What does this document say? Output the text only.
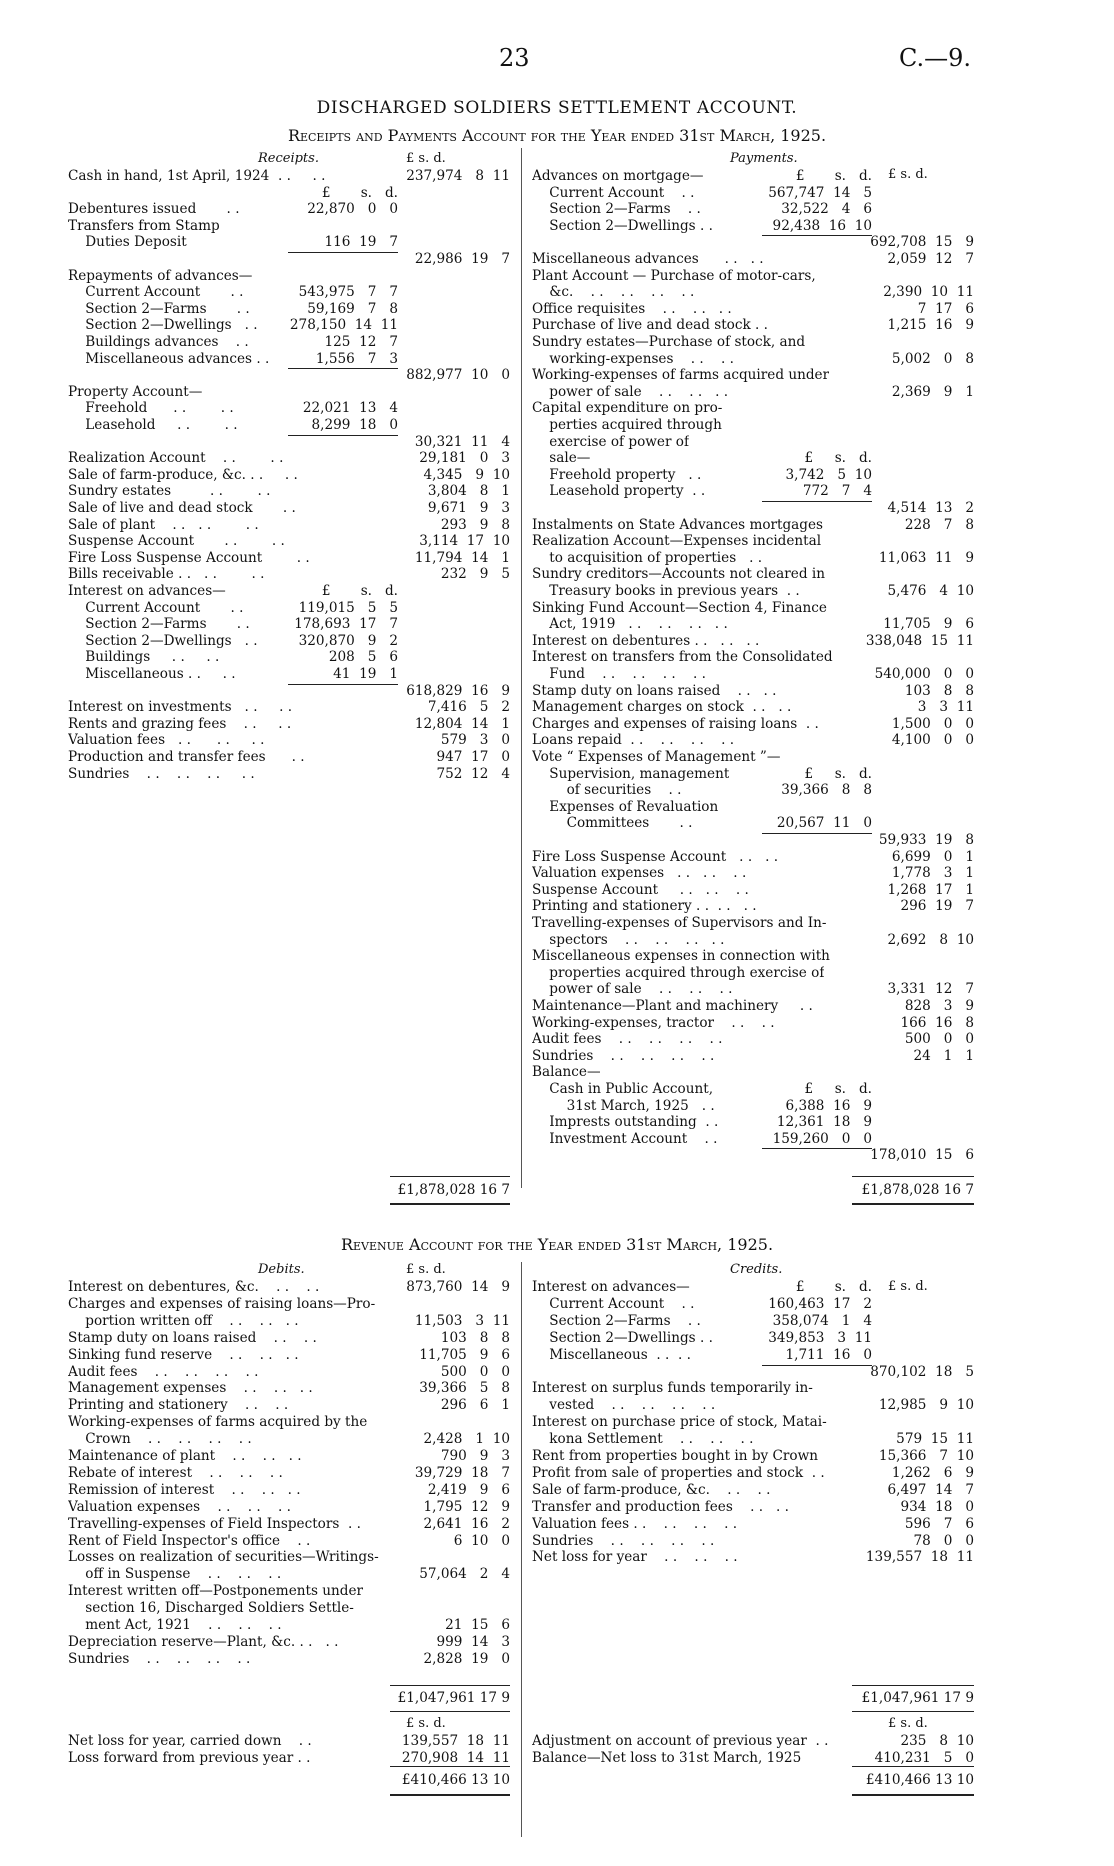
23	C.—9.
DISCHARGED SOLDIERS SETTLEMENT ACCOUNT.
Receipts and Payments Account for the Year ended 31st March, 1925.
Receipts.	£ s. d.	Payments.
£ s. d.
Cash in hand, 1st April, 1924  . .     . .	237,974   8  11
£       s.   d.
Debentures issued       . .	22,870   0   0
Transfers from Stamp
Duties Deposit	116  19   7
22,986  19   7
Repayments of advances—
Current Account       . .	543,975   7   7
Section 2—Farms       . .	59,169   7   8
Section 2—Dwellings   . . 278,150  14  11
Buildings advances    . .	125  12   7
Miscellaneous advances . .	1,556   7   3
882,977  10   0
Property Account—
Freehold      . .        . .	22,021  13   4
Leasehold     . .        . .	8,299  18   0
30,321  11   4
Realization Account    . .        . .	29,181   0   3
Sale of farm-produce, &c. . .     . .	4,345   9  10
Sundry estates         . .        . .	3,804   8   1
Sale of live and dead stock       . .	9,671   9   3
Sale of plant    . .   . .        . .	293   9   8
Suspense Account       . .        . .	3,114  17  10
Fire Loss Suspense Account        . .	11,794  14   1
Bills receivable . .   . .        . .	232   9   5
Interest on advances—	£       s.   d.
Current Account       . .	119,015   5   5
Section 2—Farms       . .	178,693  17   7
Section 2—Dwellings   . .	320,870   9   2
Buildings     . .     . .	208   5   6
Miscellaneous . .     . .	41  19   1
618,829  16   9
Interest on investments   . .     . .	7,416   5   2
Rents and grazing fees    . .     . .	12,804  14   1
Valuation fees   . .      . .     . .	579   3   0
Production and transfer fees      . .	947  17   0
Sundries    . .    . .    . .     . .	752  12   4
Advances on mortgage—	£       s.   d.
Current Account    . .	567,747  14   5
Section 2—Farms    . .	32,522   4   6
Section 2—Dwellings . .	92,438  16  10
692,708  15   9
Miscellaneous advances      . .   . .	2,059  12   7
Plant Account — Purchase of motor-cars,
&c.    . .    . .    . .    . .	2,390  10  11
Office requisites    . .    . .   . .	7  17   6
Purchase of live and dead stock . .	1,215  16   9
Sundry estates—Purchase of stock, and
working-expenses    . .    . .	5,002   0   8
Working-expenses of farms acquired under
power of sale    . .    . .   . .	2,369   9   1
Capital expenditure on pro-
perties acquired through
exercise of power of
sale—	£     s.   d.
Freehold property   . .	3,742   5  10
Leasehold property  . .	772   7   4
4,514  13   2
Instalments on State Advances mortgages	228   7   8
Realization Account—Expenses incidental
to acquisition of properties   . .	11,063  11   9
Sundry creditors—Accounts not cleared in
Treasury books in previous years  . .	5,476   4  10
Sinking Fund Account—Section 4, Finance
Act, 1919   . .    . .    . .   . .	11,705   9   6
Interest on debentures . .   . .   . .	338,048  15  11
Interest on transfers from the Consolidated
Fund    . .    . .    . .    . .	540,000   0   0
Stamp duty on loans raised    . .   . .	103   8   8
Management charges on stock  . .   . .	3   3  11
Charges and expenses of raising loans  . .	1,500   0   0
Loans repaid  . .    . .    . .    . .	4,100   0   0
Vote “ Expenses of Management ”—
Supervision, management	£     s.   d.
of securities    . .	39,366   8   8
Expenses of Revaluation
Committees       . .	20,567  11   0
59,933  19   8
Fire Loss Suspense Account   . .   . .	6,699   0   1
Valuation expenses   . .   . .    . .	1,778   3   1
Suspense Account     . .   . .    . .	1,268  17   1
Printing and stationery . .  . .   . .	296  19   7
Travelling-expenses of Supervisors and In-
spectors    . .    . .    . .   . .	2,692   8  10
Miscellaneous expenses in connection with
properties acquired through exercise of
power of sale    . .    . .    . .	3,331  12   7
Maintenance—Plant and machinery     . .	828   3   9
Working-expenses, tractor    . .    . .	166  16   8
Audit fees    . .    . .    . .    . .	500   0   0
Sundries    . .    . .    . .    . .	24   1   1
Balance—
Cash in Public Account,	£     s.   d.
31st March, 1925   . .	6,388  16   9
Imprests outstanding  . .	12,361  18   9
Investment Account    . .	159,260   0   0
178,010  15   6
£1,878,028 16 7	£1,878,028 16 7
Revenue Account for the Year ended 31st March, 1925.
Debits.	£ s. d.	Credits.
£ s. d.
Interest on debentures, &c.    . .    . .	873,760  14   9
Charges and expenses of raising loans—Pro-
portion written off    . .    . .   . .	11,503   3  11
Stamp duty on loans raised    . .    . .	103   8   8
Sinking fund reserve    . .    . .   . .	11,705   9   6
Audit fees    . .    . .    . .    . .	500   0   0
Management expenses    . .    . .   . .	39,366   5   8
Printing and stationery    . .    . .	296   6   1
Working-expenses of farms acquired by the
Crown    . .    . .    . .    . .	2,428   1  10
Maintenance of plant    . .    . .   . .	790   9   3
Rebate of interest    . .    . .    . .	39,729  18   7
Remission of interest    . .    . .   . .	2,419   9   6
Valuation expenses    . .    . .    . .	1,795  12   9
Travelling-expenses of Field Inspectors  . .	2,641  16   2
Rent of Field Inspector's office    . .	6  10   0
Losses on realization of securities—Writings-
off in Suspense    . .    . .    . .	57,064   2   4
Interest written off—Postponements under
section 16, Discharged Soldiers Settle-
ment Act, 1921    . .    . .    . .	21  15   6
Depreciation reserve—Plant, &c. . .   . .	999  14   3
Sundries    . .    . .    . .    . .	2,828  19   0
Interest on advances—	£       s.   d.
Current Account    . .	160,463  17   2
Section 2—Farms    . .	358,074   1   4
Section 2—Dwellings . .	349,853   3  11
Miscellaneous  . .  . .	1,711  16   0
870,102  18   5
Interest on surplus funds temporarily in-
vested    . .    . .    . .    . .	12,985   9  10
Interest on purchase price of stock, Matai-
kona Settlement    . .    . .    . .	579  15  11
Rent from properties bought in by Crown	15,366   7  10
Profit from sale of properties and stock  . .	1,262   6   9
Sale of farm-produce, &c.    . .    . .	6,497  14   7
Transfer and production fees    . .   . .	934  18   0
Valuation fees . .    . .    . .    . .	596   7   6
Sundries    . .    . .    . .    . .	78   0   0
Net loss for year    . .    . .    . .	139,557  18  11
£1,047,961 17 9	£1,047,961 17 9
£ s. d.	£ s. d.
Net loss for year, carried down    . .	139,557  18  11
Loss forward from previous year . .	270,908  14  11
Adjustment on account of previous year  . .	235   8  10
Balance—Net loss to 31st March, 1925	410,231   5   0
£410,466 13 10	£410,466 13 10
